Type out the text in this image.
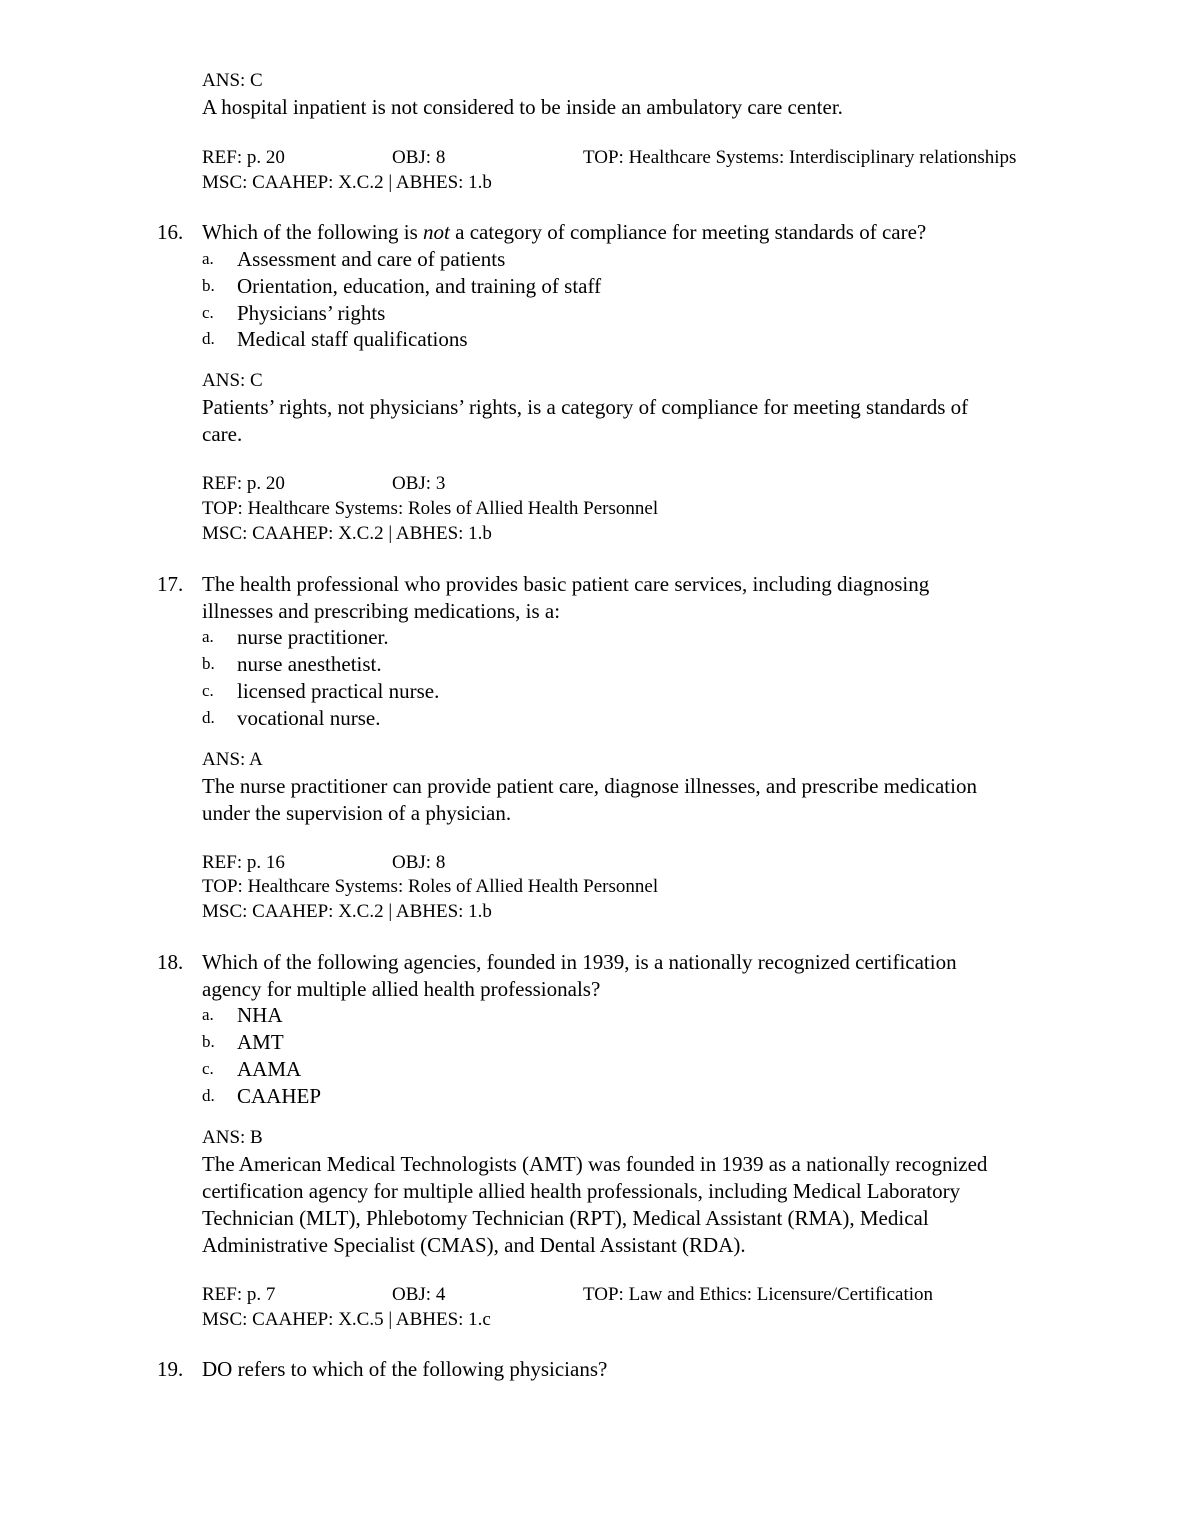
ANS: C
A hospital inpatient is not considered to be inside an ambulatory care center.
REF: p. 20	OBJ: 8	TOP: Healthcare Systems: Interdisciplinary relationships
MSC: CAAHEP: X.C.2 | ABHES: 1.b
16. Which of the following is not a category of compliance for meeting standards of care?
a. Assessment and care of patients
b. Orientation, education, and training of staff
c. Physicians’ rights
d. Medical staff qualifications
ANS: C
Patients’ rights, not physicians’ rights, is a category of compliance for meeting standards of
care.
REF: p. 20	OBJ: 3
TOP: Healthcare Systems: Roles of Allied Health Personnel
MSC: CAAHEP: X.C.2 | ABHES: 1.b
17. The health professional who provides basic patient care services, including diagnosing
illnesses and prescribing medications, is a:
a. nurse practitioner.
b. nurse anesthetist.
c. licensed practical nurse.
d. vocational nurse.
ANS: A
The nurse practitioner can provide patient care, diagnose illnesses, and prescribe medication
under the supervision of a physician.
REF: p. 16	OBJ: 8
TOP: Healthcare Systems: Roles of Allied Health Personnel
MSC: CAAHEP: X.C.2 | ABHES: 1.b
18. Which of the following agencies, founded in 1939, is a nationally recognized certification
agency for multiple allied health professionals?
a. NHA
b. AMT
c. AAMA
d. CAAHEP
ANS: B
The American Medical Technologists (AMT) was founded in 1939 as a nationally recognized
certification agency for multiple allied health professionals, including Medical Laboratory
Technician (MLT), Phlebotomy Technician (RPT), Medical Assistant (RMA), Medical
Administrative Specialist (CMAS), and Dental Assistant (RDA).
REF: p. 7	OBJ: 4	TOP: Law and Ethics: Licensure/Certification
MSC: CAAHEP: X.C.5 | ABHES: 1.c
19. DO refers to which of the following physicians?
